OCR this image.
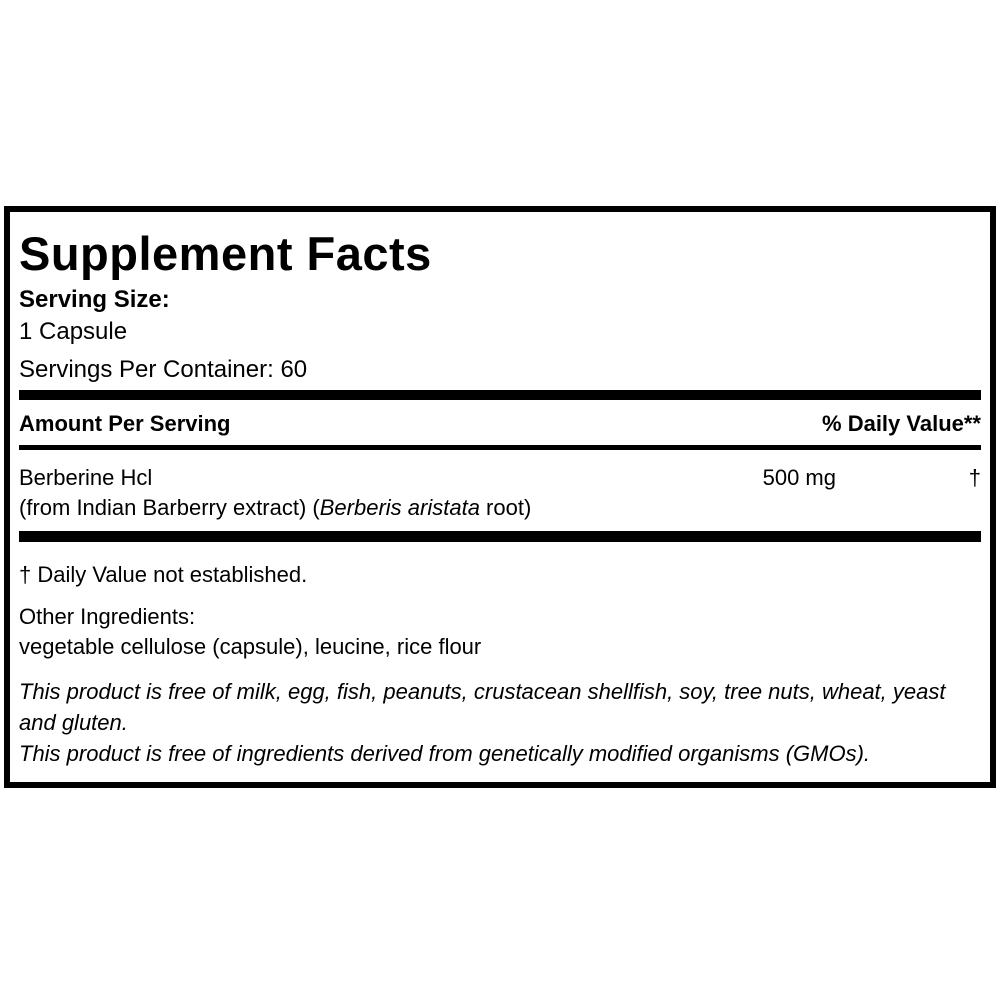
Supplement Facts
Serving Size:
1 Capsule
Servings Per Container: 60
Amount Per Serving	% Daily Value**
Berberine Hcl	500 mg	†
(from Indian Barberry extract) (Berberis aristata root)
† Daily Value not established.
Other Ingredients:
vegetable cellulose (capsule), leucine, rice flour
This product is free of milk, egg, fish, peanuts, crustacean shellfish, soy, tree nuts, wheat, yeast and gluten.
This product is free of ingredients derived from genetically modified organisms (GMOs).
